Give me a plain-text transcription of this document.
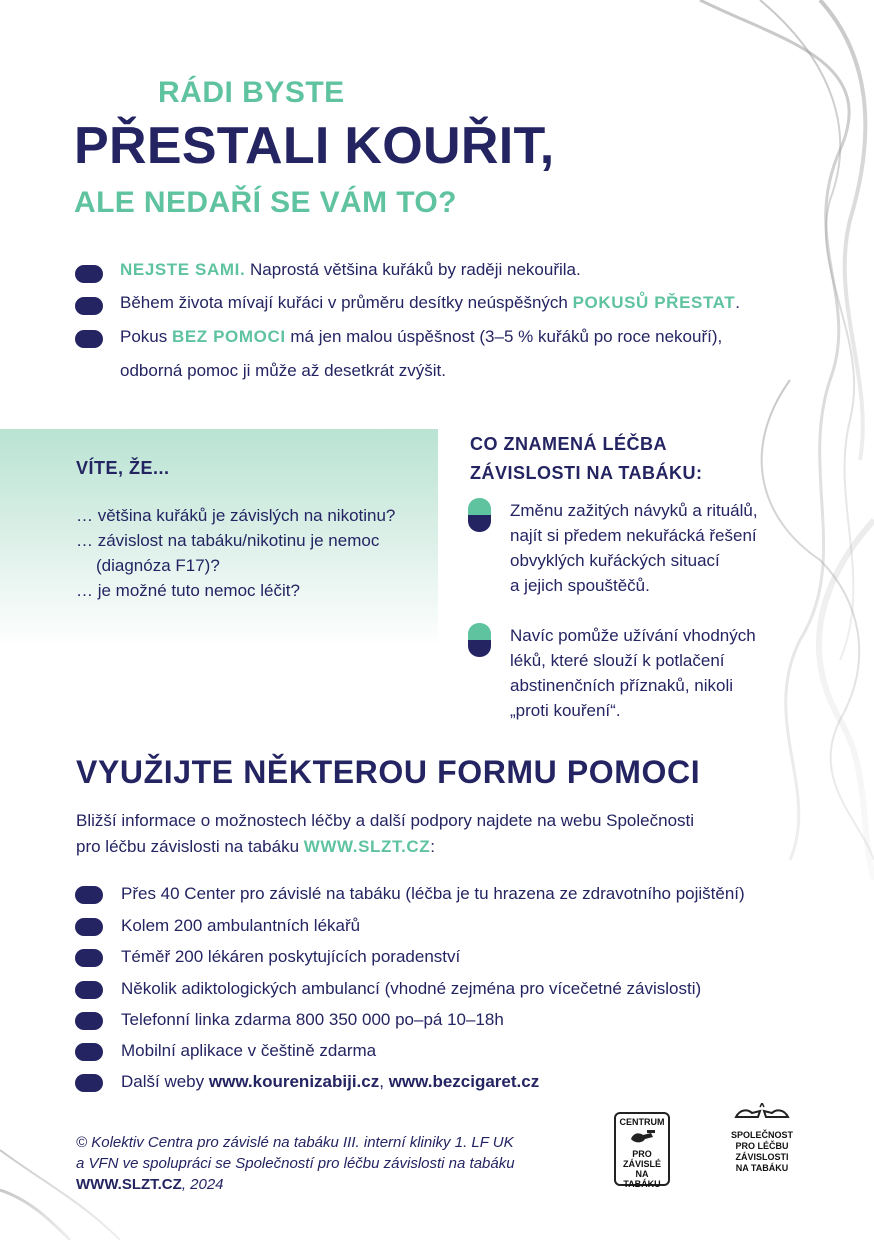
RÁDI BYSTE
PŘESTALI KOUŘIT,
ALE NEDAŘÍ SE VÁM TO?
NEJSTE SAMI. Naprostá většina kuřáků by raději nekouřila.
Během života mívají kuřáci v průměru desítky neúspěšných POKUSŮ PŘESTAT.
Pokus BEZ POMOCI má jen malou úspěšnost (3–5 % kuřáků po roce nekouří),
odborná pomoc ji může až desetkrát zvýšit.
VÍTE, ŽE...
… většina kuřáků je závislých na nikotinu?
… závislost na tabáku/nikotinu je nemoc
(diagnóza F17)?
… je možné tuto nemoc léčit?
CO ZNAMENÁ LÉČBA
ZÁVISLOSTI NA TABÁKU:
Změnu zažitých návyků a rituálů,
najít si předem nekuřácká řešení
obvyklých kuřáckých situací
a jejich spouštěčů.
Navíc pomůže užívání vhodných
léků, které slouží k potlačení
abstinenčních příznaků, nikoli
„proti kouření“.
VYUŽIJTE NĚKTEROU FORMU POMOCI
Bližší informace o možnostech léčby a další podpory najdete na webu Společnosti
pro léčbu závislosti na tabáku WWW.SLZT.CZ:
Přes 40 Center pro závislé na tabáku (léčba je tu hrazena ze zdravotního pojištění)
Kolem 200 ambulantních lékařů
Téměř 200 lékáren poskytujících poradenství
Několik adiktologických ambulancí (vhodné zejména pro vícečetné závislosti)
Telefonní linka zdarma 800 350 000 po–pá 10–18h
Mobilní aplikace v češtině zdarma
Další weby www.kourenizabiji.cz, www.bezcigaret.cz
© Kolektiv Centra pro závislé na tabáku III. interní kliniky 1. LF UK
a VFN ve spolupráci se Společností pro léčbu závislosti na tabáku
WWW.SLZT.CZ, 2024
CENTRUM
PRO ZÁVISLÉ
NA TABÁKU
SPOLEČNOST
PRO LÉČBU
ZÁVISLOSTI
NA TABÁKU
